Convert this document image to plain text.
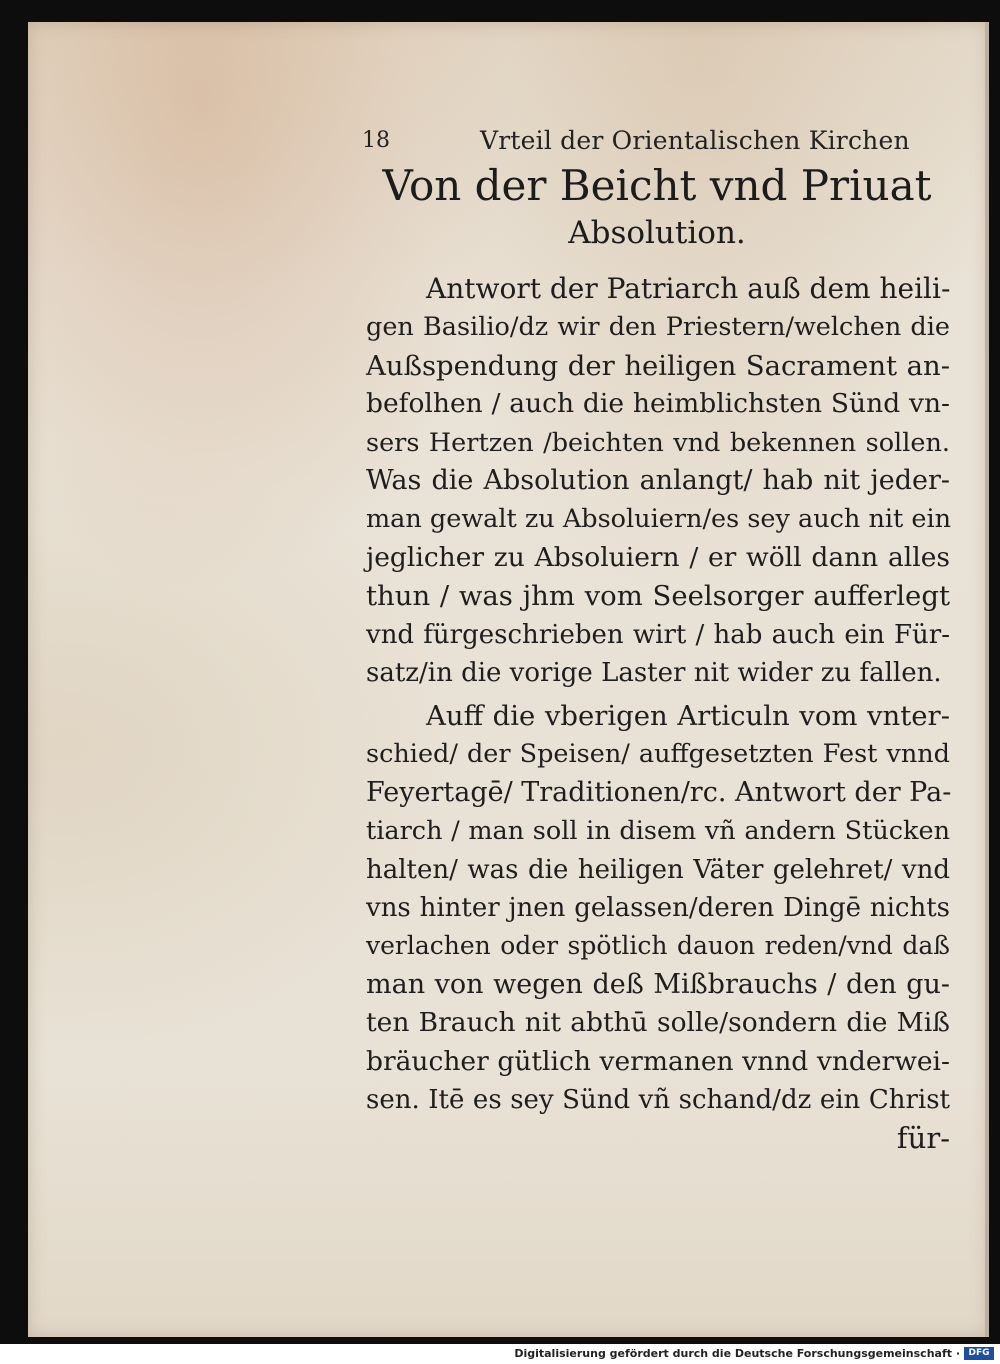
18	Vrteil der Orientalischen Kirchen
Von der Beicht vnd Priuat
Absolution.
Antwort der Patriarch auß dem heili-
gen Basilio/dz wir den Priestern/welchen die
Außspendung der heiligen Sacrament an-
befolhen / auch die heimblichsten Sünd vn-
sers Hertzen /beichten vnd bekennen sollen.
Was die Absolution anlangt/ hab nit jeder-
man gewalt zu Absoluiern/es sey auch nit ein
jeglicher zu Absoluiern / er wöll dann alles
thun / was jhm vom Seelsorger aufferlegt
vnd fürgeschrieben wirt / hab auch ein Für-
satz/in die vorige Laster nit wider zu fallen.
Auff die vberigen Articuln vom vnter-
schied/ der Speisen/ auffgesetzten Fest vnnd
Feyertagē/ Traditionen/rc. Antwort der Pa-
tiarch / man soll in disem vñ andern Stücken
halten/ was die heiligen Väter gelehret/ vnd
vns hinter jnen gelassen/deren Dingē nichts
verlachen oder spötlich dauon reden/vnd daß
man von wegen deß Mißbrauchs / den gu-
ten Brauch nit abthū solle/sondern die Miß
bräucher gütlich vermanen vnnd vnderwei-
sen. Itē es sey Sünd vñ schand/dz ein Christ
für-
Digitalisierung gefördert durch die Deutsche Forschungsgemeinschaft · DFG
